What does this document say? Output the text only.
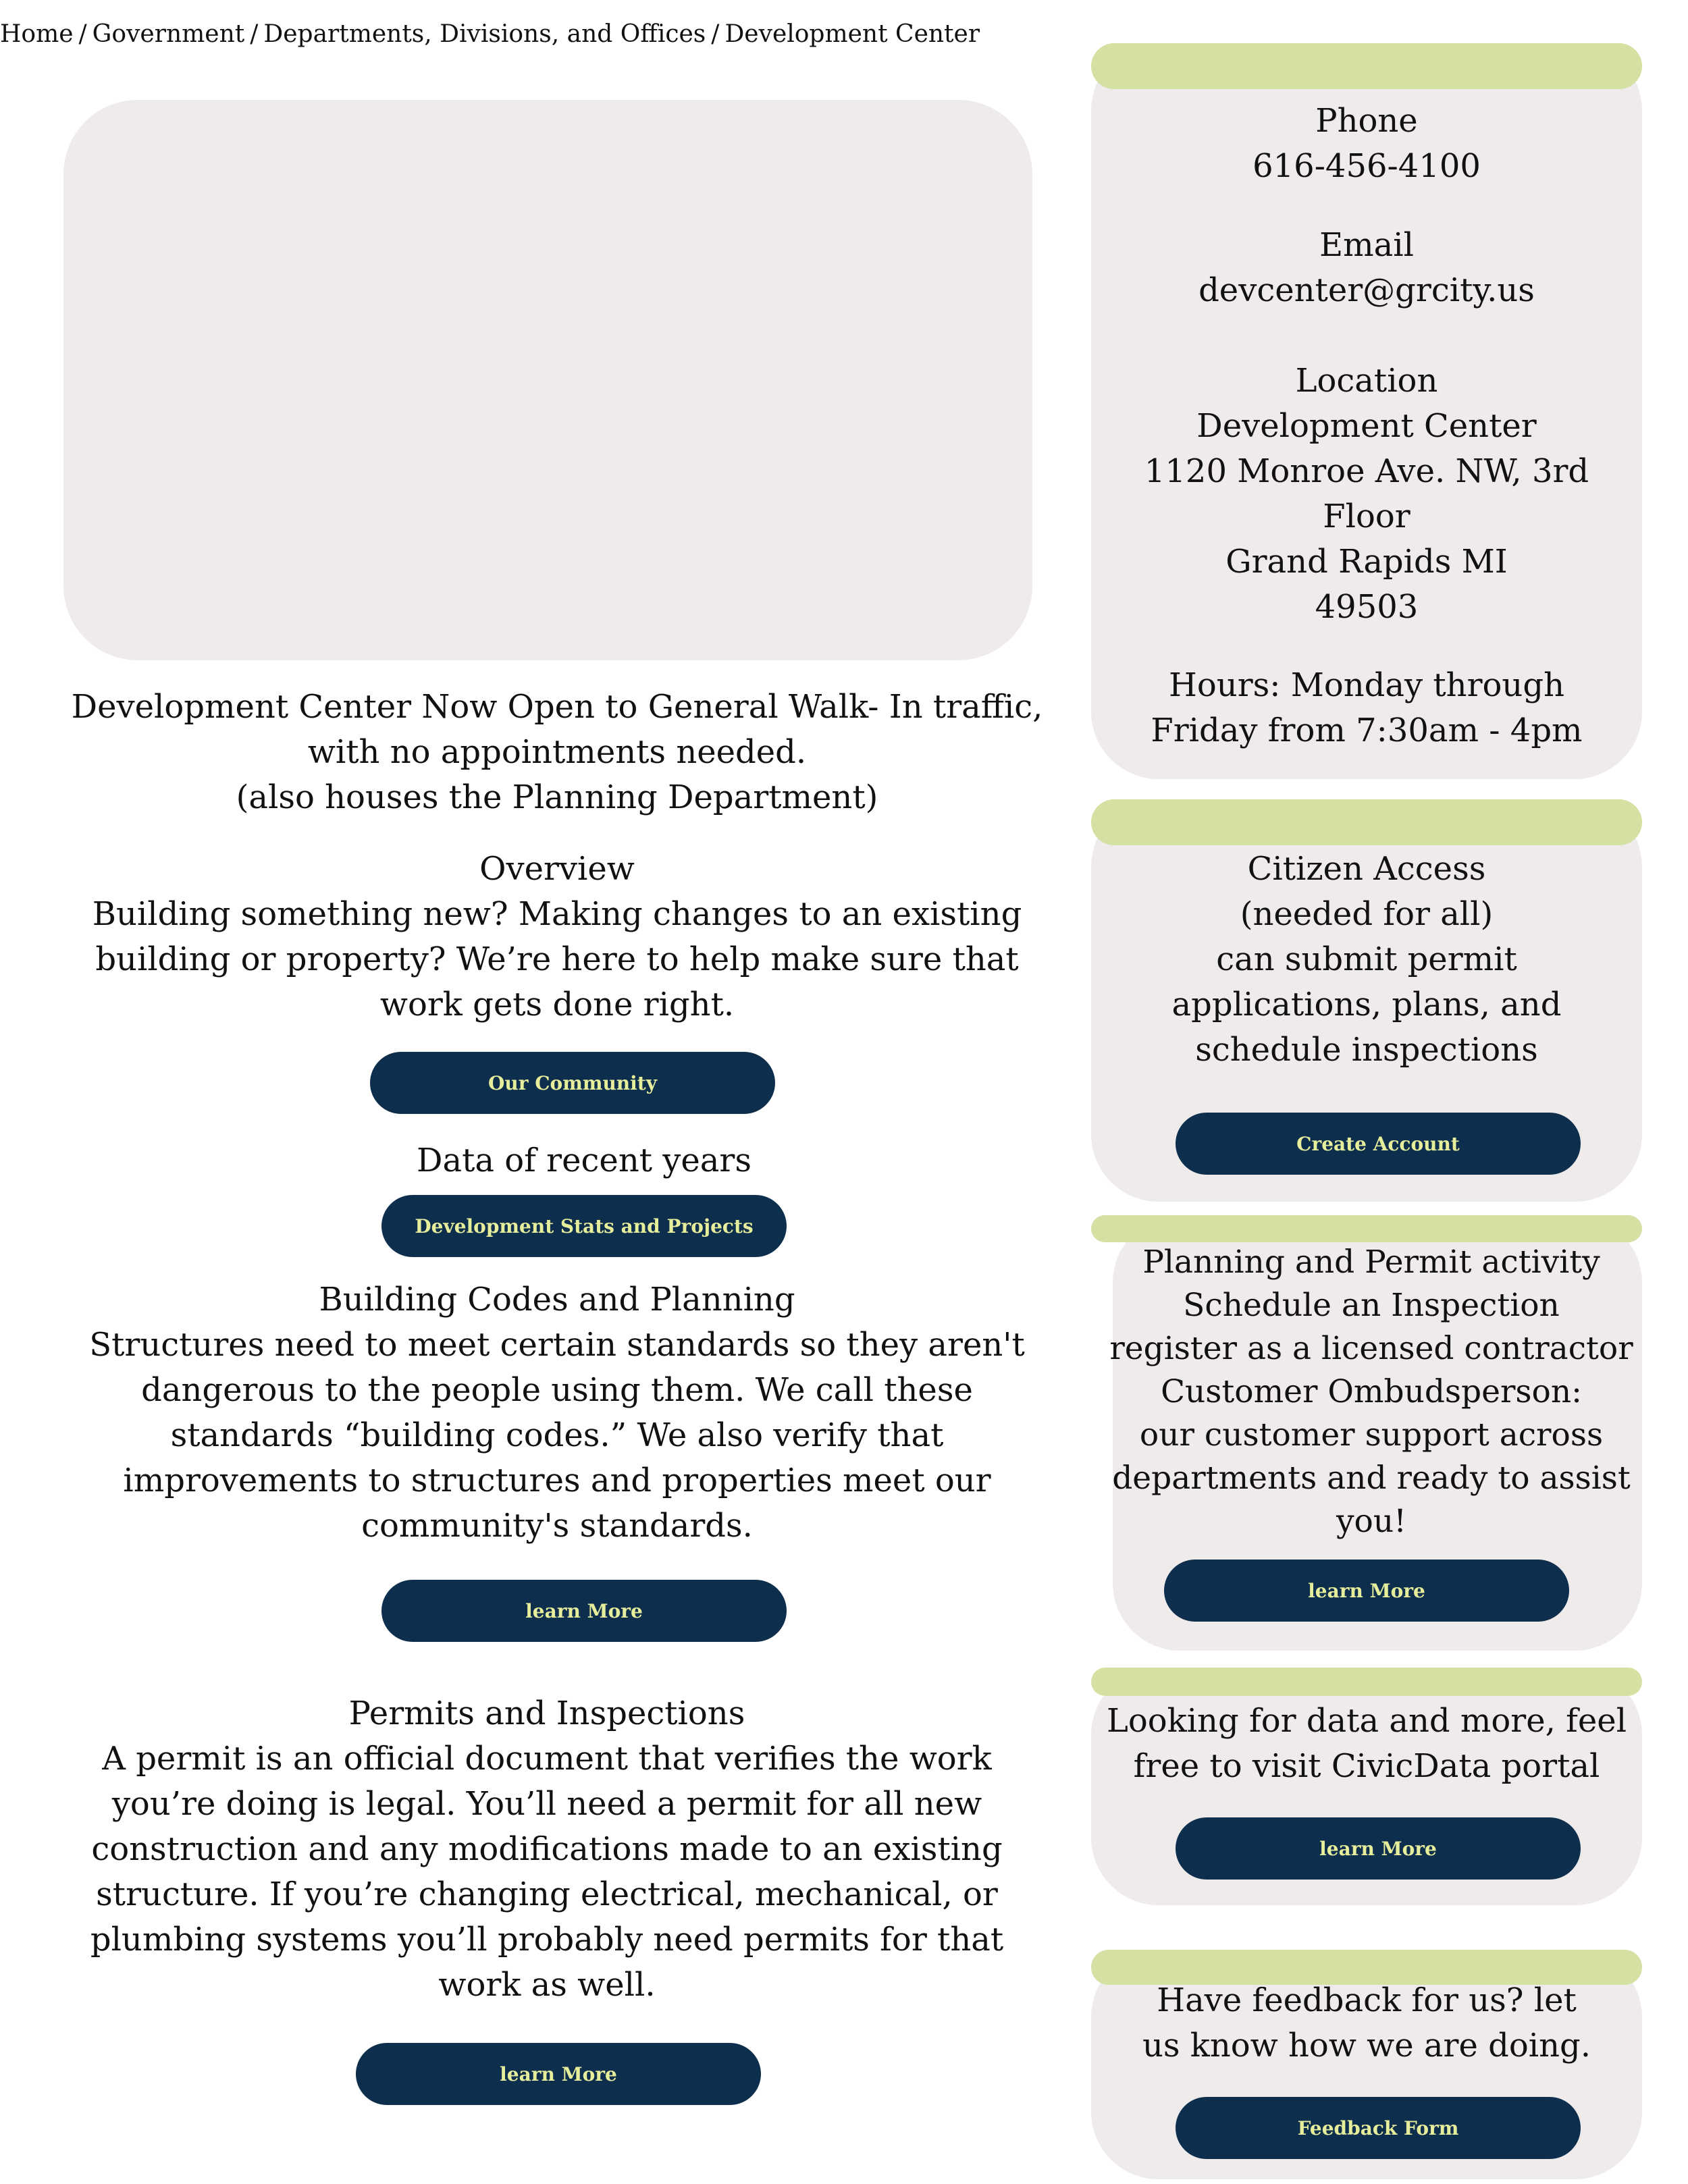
Home / Government / Departments, Divisions, and Offices / Development Center

Development Center Now Open to General Walk- In traffic,

with no appointments needed.

(also houses the Planning Department)

Overview

Building something new? Making changes to an existing

building or property? We’re here to help make sure that

work gets done right.

Our Community
Data of recent years
Development Stats and Projects

Building Codes and Planning

Structures need to meet certain standards so they aren't

dangerous to the people using them. We call these

standards “building codes.” We also verify that

improvements to structures and properties meet our

community's standards.

learn More

Permits and Inspections

A permit is an official document that verifies the work

you’re doing is legal. You’ll need a permit for all new

construction and any modifications made to an existing

structure. If you’re changing electrical, mechanical, or

plumbing systems you’ll probably need permits for that

work as well.

learn More

Phone

616-456-4100

Email

devcenter@grcity.us

Location

Development Center

1120 Monroe Ave. NW, 3rd

Floor

Grand Rapids MI

49503

Hours: Monday through

Friday from 7:30am - 4pm

Citizen Access

(needed for all)

can submit permit

applications, plans, and

schedule inspections

Create Account

Planning and Permit activity

Schedule an Inspection

register as a licensed contractor

Customer Ombudsperson:

our customer support across

departments and ready to assist

you!

learn More

Looking for data and more, feel

free to visit CivicData portal

learn More

Have feedback for us? let

us know how we are doing.

Feedback Form
